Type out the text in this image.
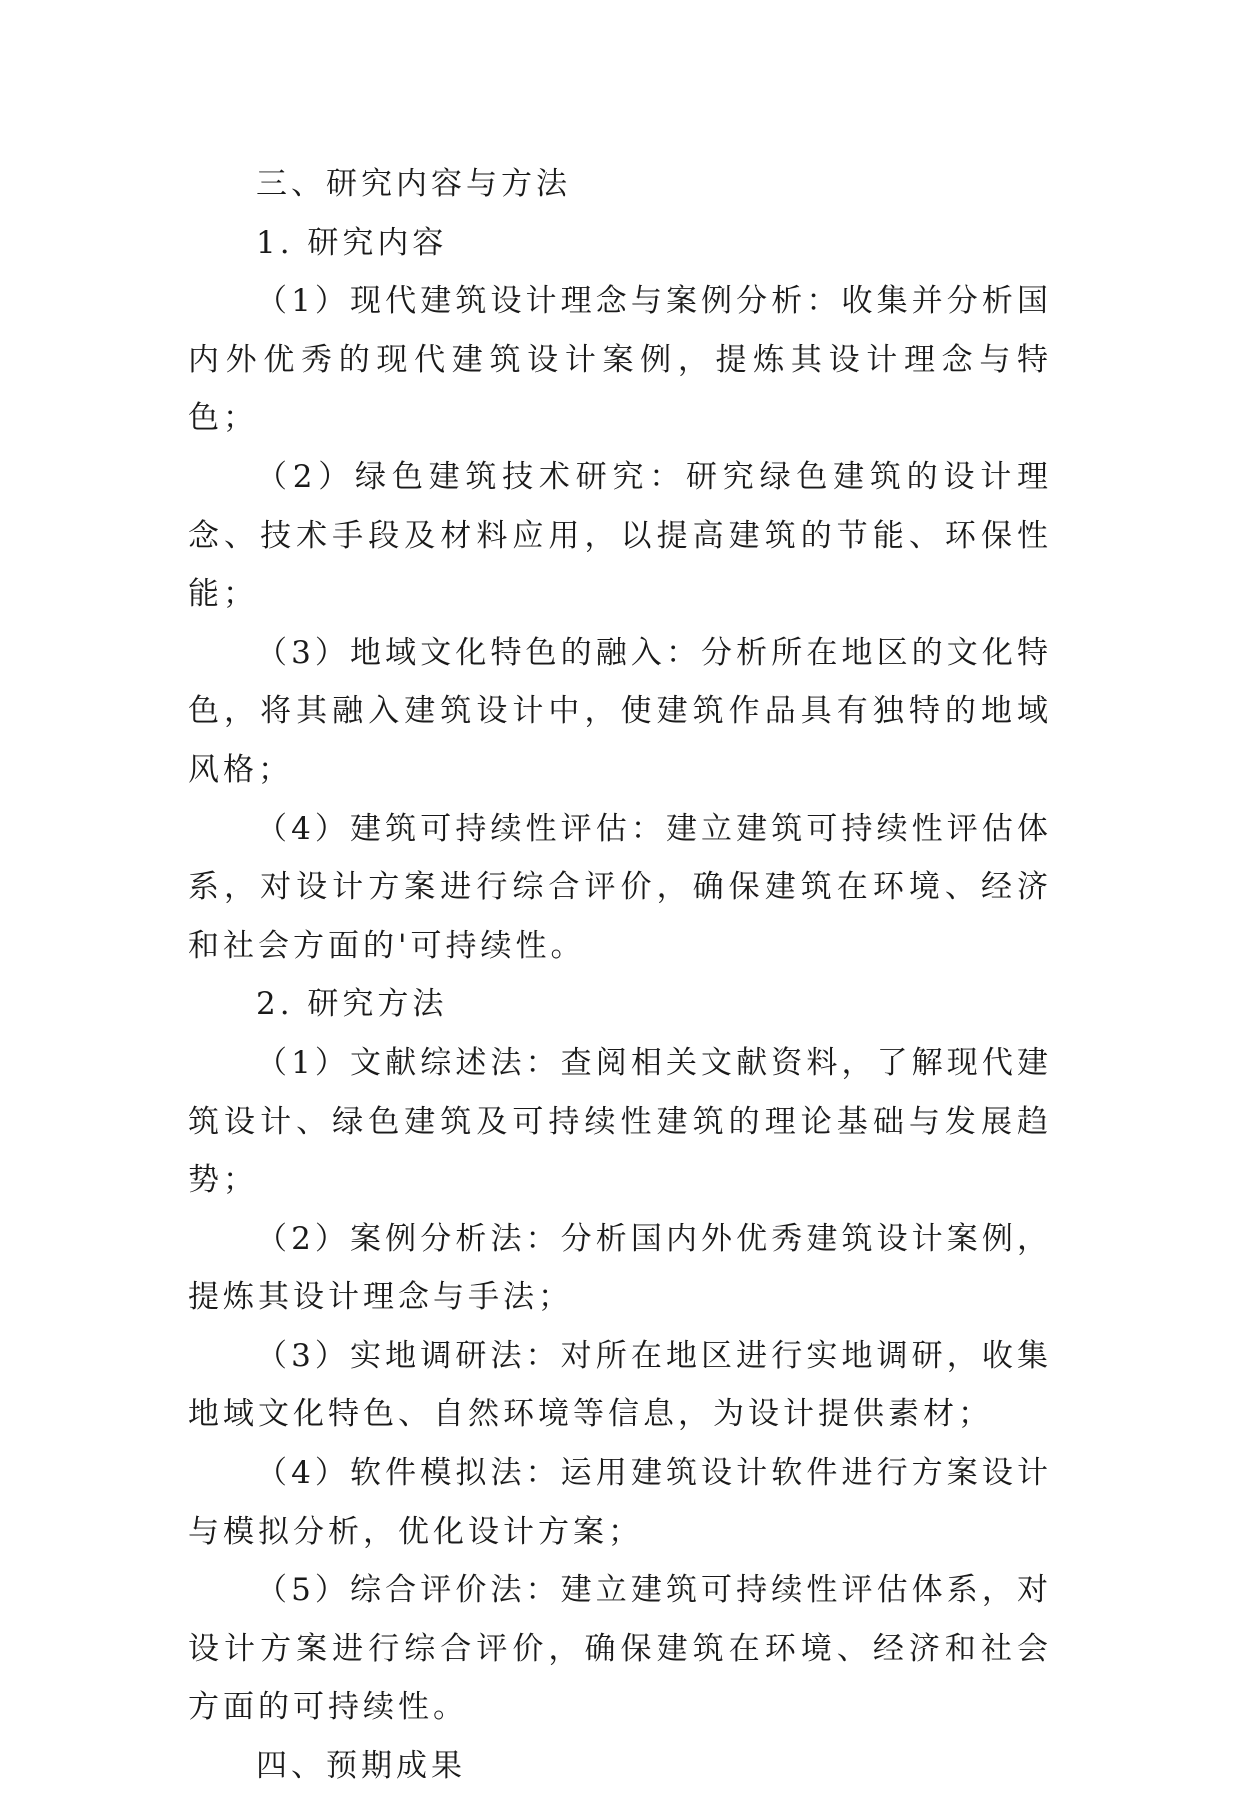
三、研究内容与方法

1. 研究内容

（1）现代建筑设计理念与案例分析：收集并分析国内外优秀的现代建筑设计案例，提炼其设计理念与特色；

（2）绿色建筑技术研究：研究绿色建筑的设计理念、技术手段及材料应用，以提高建筑的节能、环保性能；

（3）地域文化特色的融入：分析所在地区的文化特色，将其融入建筑设计中，使建筑作品具有独特的地域风格；

（4）建筑可持续性评估：建立建筑可持续性评估体系，对设计方案进行综合评价，确保建筑在环境、经济和社会方面的'可持续性。

2. 研究方法

（1）文献综述法：查阅相关文献资料，了解现代建筑设计、绿色建筑及可持续性建筑的理论基础与发展趋势；

（2）案例分析法：分析国内外优秀建筑设计案例，提炼其设计理念与手法；

（3）实地调研法：对所在地区进行实地调研，收集地域文化特色、自然环境等信息，为设计提供素材；

（4）软件模拟法：运用建筑设计软件进行方案设计与模拟分析，优化设计方案；

（5）综合评价法：建立建筑可持续性评估体系，对设计方案进行综合评价，确保建筑在环境、经济和社会方面的可持续性。

四、预期成果
